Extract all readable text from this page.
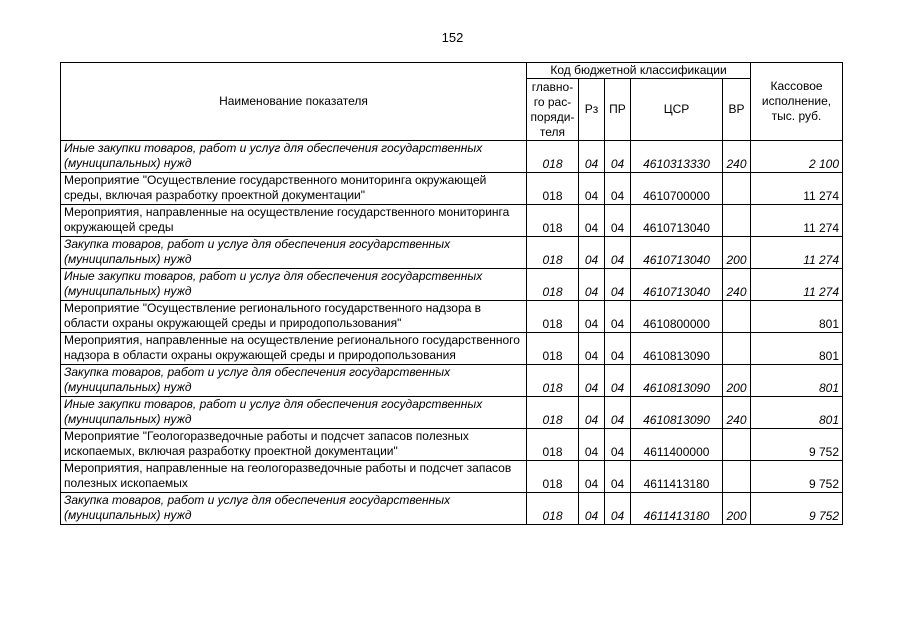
152
Наименование показателя	Код бюджетной классификации					Кассовое исполнение, тыс. руб.
	главно-го рас-поряди-теля	Рз	ПР	ЦСР	ВР	
Иные закупки товаров, работ и услуг для обеспечения государственных (муниципальных) нужд	018	04	04	4610313330	240	2 100
Мероприятие "Осуществление государственного мониторинга окружающей среды, включая разработку проектной документации"	018	04	04	4610700000		11 274
Мероприятия, направленные на осуществление государственного мониторинга окружающей среды	018	04	04	4610713040		11 274
Закупка товаров, работ и услуг для обеспечения государственных (муниципальных) нужд	018	04	04	4610713040	200	11 274
Иные закупки товаров, работ и услуг для обеспечения государственных (муниципальных) нужд	018	04	04	4610713040	240	11 274
Мероприятие "Осуществление регионального государственного надзора в области охраны окружающей среды и природопользования"	018	04	04	4610800000		801
Мероприятия, направленные на осуществление регионального государственного надзора в области охраны окружающей среды и природопользования	018	04	04	4610813090		801
Закупка товаров, работ и услуг для обеспечения государственных (муниципальных) нужд	018	04	04	4610813090	200	801
Иные закупки товаров, работ и услуг для обеспечения государственных (муниципальных) нужд	018	04	04	4610813090	240	801
Мероприятие "Геологоразведочные работы и подсчет запасов полезных ископаемых, включая разработку проектной документации"	018	04	04	4611400000		9 752
Мероприятия, направленные на геологоразведочные работы и подсчет запасов полезных ископаемых	018	04	04	4611413180		9 752
Закупка товаров, работ и услуг для обеспечения государственных (муниципальных) нужд	018	04	04	4611413180	200	9 752
